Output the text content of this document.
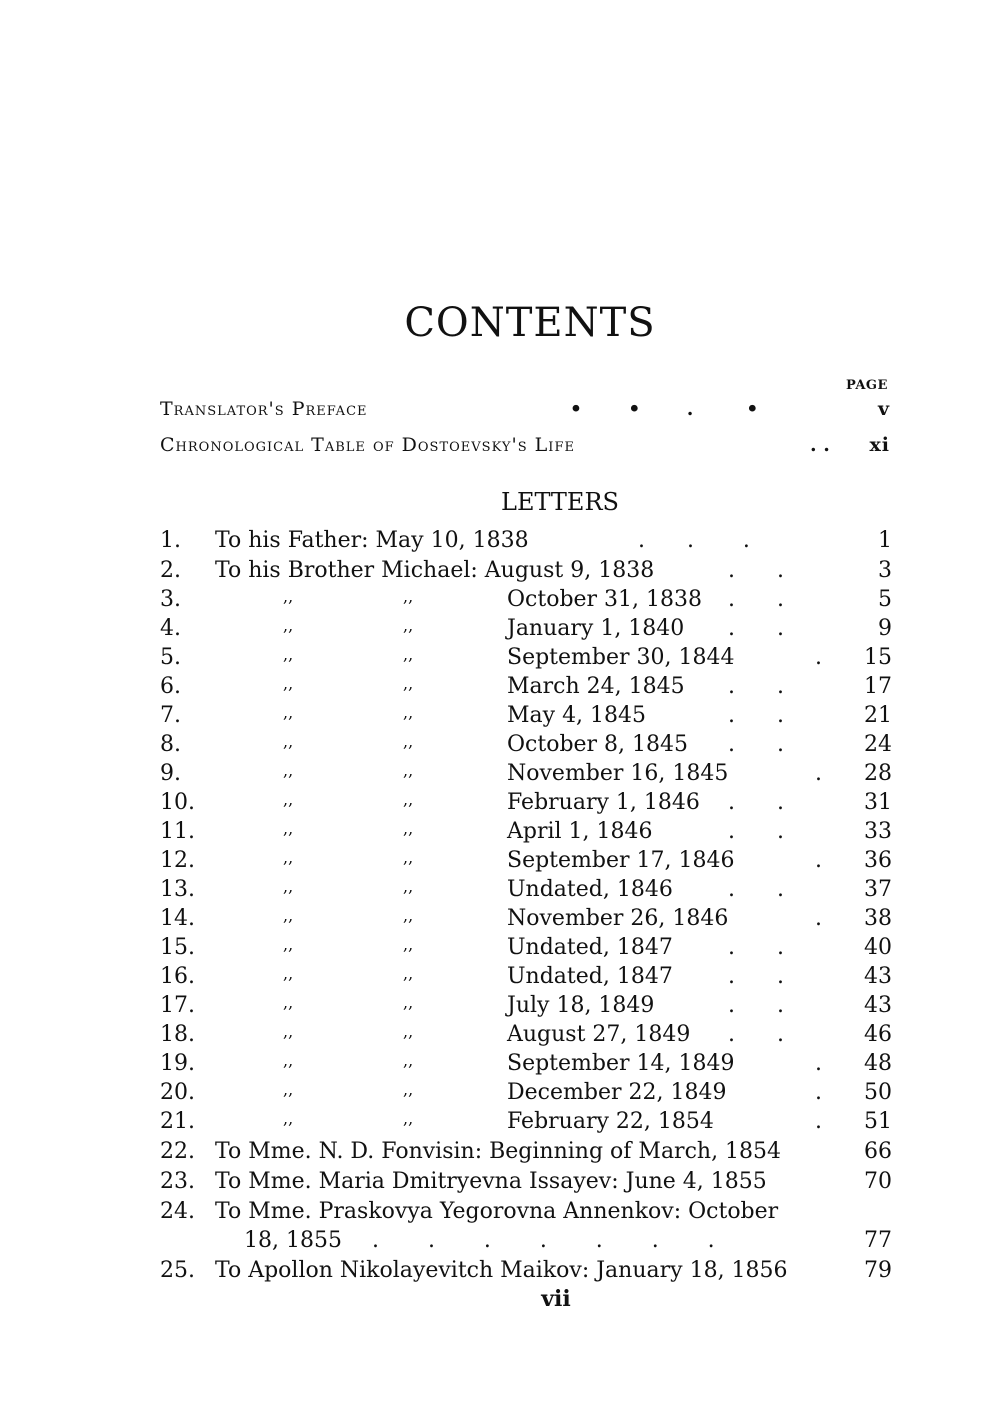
CONTENTS
PAGE
Translator's Preface	•       •       .        •	v
Chronological Table of Dostoevsky's Life	. .	xi
LETTERS
1.	To his Father: May 10, 1838	.      .       .	1
2.	To his Brother Michael: August 9, 1838	.      .	3
3.	,,	,,	October 31, 1838 .      .	5
4.	,,	,,	January 1, 1840 .      .	9
5.	,,	,,	September 30, 1844	.	15
6.	,,	,,	March 24, 1845 .      .	17
7.	,,	,,	May 4, 1845	.      .	21
8.	,,	,,	October 8, 1845 .      .	24
9.	,,	,,	November 16, 1845	.	28
10.	,,	,,	February 1, 1846 .      .	31
11.	,,	,,	April 1, 1846	.      .	33
12.	,,	,,	September 17, 1846	.	36
13.	,,	,,	Undated, 1846	.      .	37
14.	,,	,,	November 26, 1846	.	38
15.	,,	,,	Undated, 1847	.      .	40
16.	,,	,,	Undated, 1847	.      .	43
17.	,,	,,	July 18, 1849	.      .	43
18.	,,	,,	August 27, 1849 .      .	46
19.	,,	,,	September 14, 1849	.	48
20.	,,	,,	December 22, 1849	.	50
21.	,,	,,	February 22, 1854	.	51
22. To Mme. N. D. Fonvisin: Beginning of March, 1854	66
23. To Mme. Maria Dmitryevna Issayev: June 4, 1855	70
24. To Mme. Praskovya Yegorovna Annenkov: October
18, 1855 .       .       .       .       .       .       .	77
25. To Apollon Nikolayevitch Maikov: January 18, 1856	79
vii
